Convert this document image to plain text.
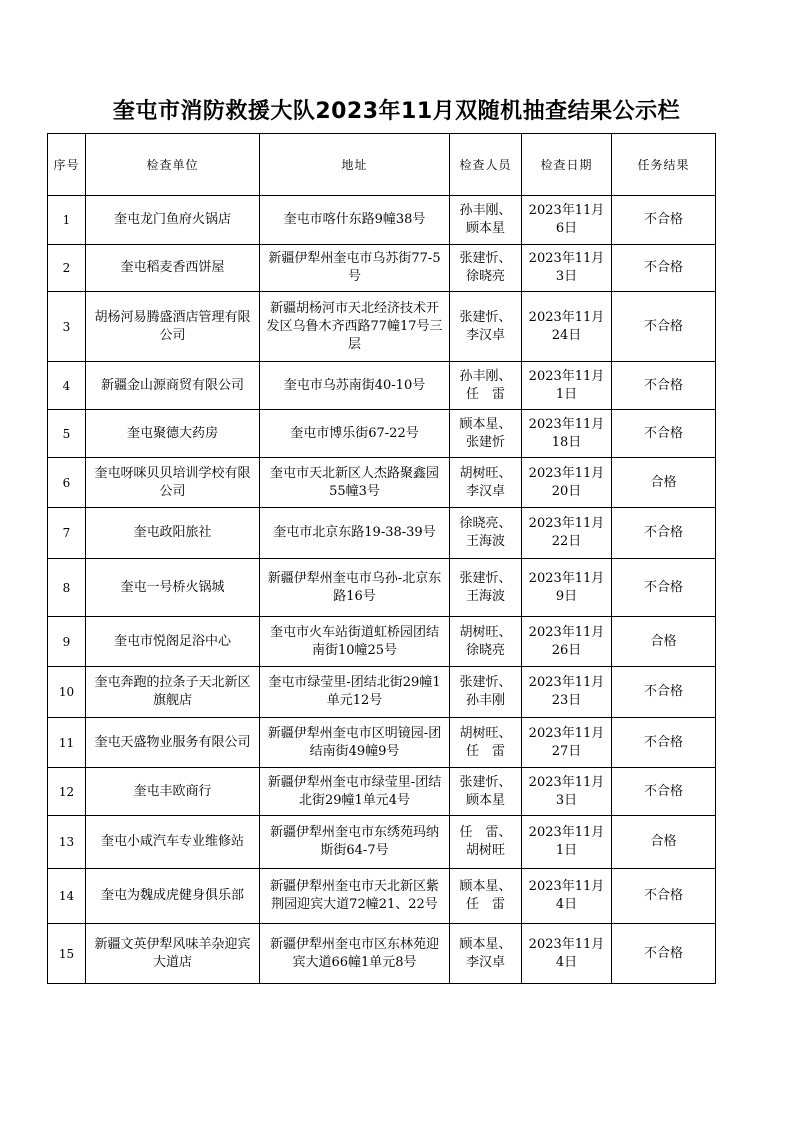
奎屯市消防救援大队2023年11月双随机抽查结果公示栏
序号	检查单位	地址	检查人员	检查日期	任务结果
1	奎屯龙门鱼府火锅店	奎屯市喀什东路9幢38号	孙丰刚、顾本星	2023年11月6日	不合格
2	奎屯稻麦香西饼屋	新疆伊犁州奎屯市乌苏街77-5号	张建忻、徐晓亮	2023年11月3日	不合格
3	胡杨河易腾盛酒店管理有限公司	新疆胡杨河市天北经济技术开发区乌鲁木齐西路77幢17号三层	张建忻、李汉卓	2023年11月24日	不合格
4	新疆金山源商贸有限公司	奎屯市乌苏南街40-10号	孙丰刚、任　雷	2023年11月1日	不合格
5	奎屯聚德大药房	奎屯市博乐街67-22号	顾本星、张建忻	2023年11月18日	不合格
6	奎屯呀咪贝贝培训学校有限公司	奎屯市天北新区人杰路聚鑫园55幢3号	胡树旺、李汉卓	2023年11月20日	合格
7	奎屯政阳旅社	奎屯市北京东路19-38-39号	徐晓亮、王海波	2023年11月22日	不合格
8	奎屯一号桥火锅城	新疆伊犁州奎屯市乌孙-北京东路16号	张建忻、王海波	2023年11月9日	不合格
9	奎屯市悦阁足浴中心	奎屯市火车站街道虹桥园团结南街10幢25号	胡树旺、徐晓亮	2023年11月26日	合格
10	奎屯奔跑的拉条子天北新区旗舰店	奎屯市绿莹里-团结北街29幢1单元12号	张建忻、孙丰刚	2023年11月23日	不合格
11	奎屯天盛物业服务有限公司	新疆伊犁州奎屯市区明镜园-团结南街49幢9号	胡树旺、任　雷	2023年11月27日	不合格
12	奎屯丰欧商行	新疆伊犁州奎屯市绿莹里-团结北街29幢1单元4号	张建忻、顾本星	2023年11月3日	不合格
13	奎屯小咸汽车专业维修站	新疆伊犁州奎屯市东绣苑玛纳斯街64-7号	任　雷、胡树旺	2023年11月1日	合格
14	奎屯为魏成虎健身俱乐部	新疆伊犁州奎屯市天北新区紫荆园迎宾大道72幢21、22号	顾本星、任　雷	2023年11月4日	不合格
15	新疆文英伊犁风味羊杂迎宾大道店	新疆伊犁州奎屯市区东林苑迎宾大道66幢1单元8号	顾本星、李汉卓	2023年11月4日	不合格
